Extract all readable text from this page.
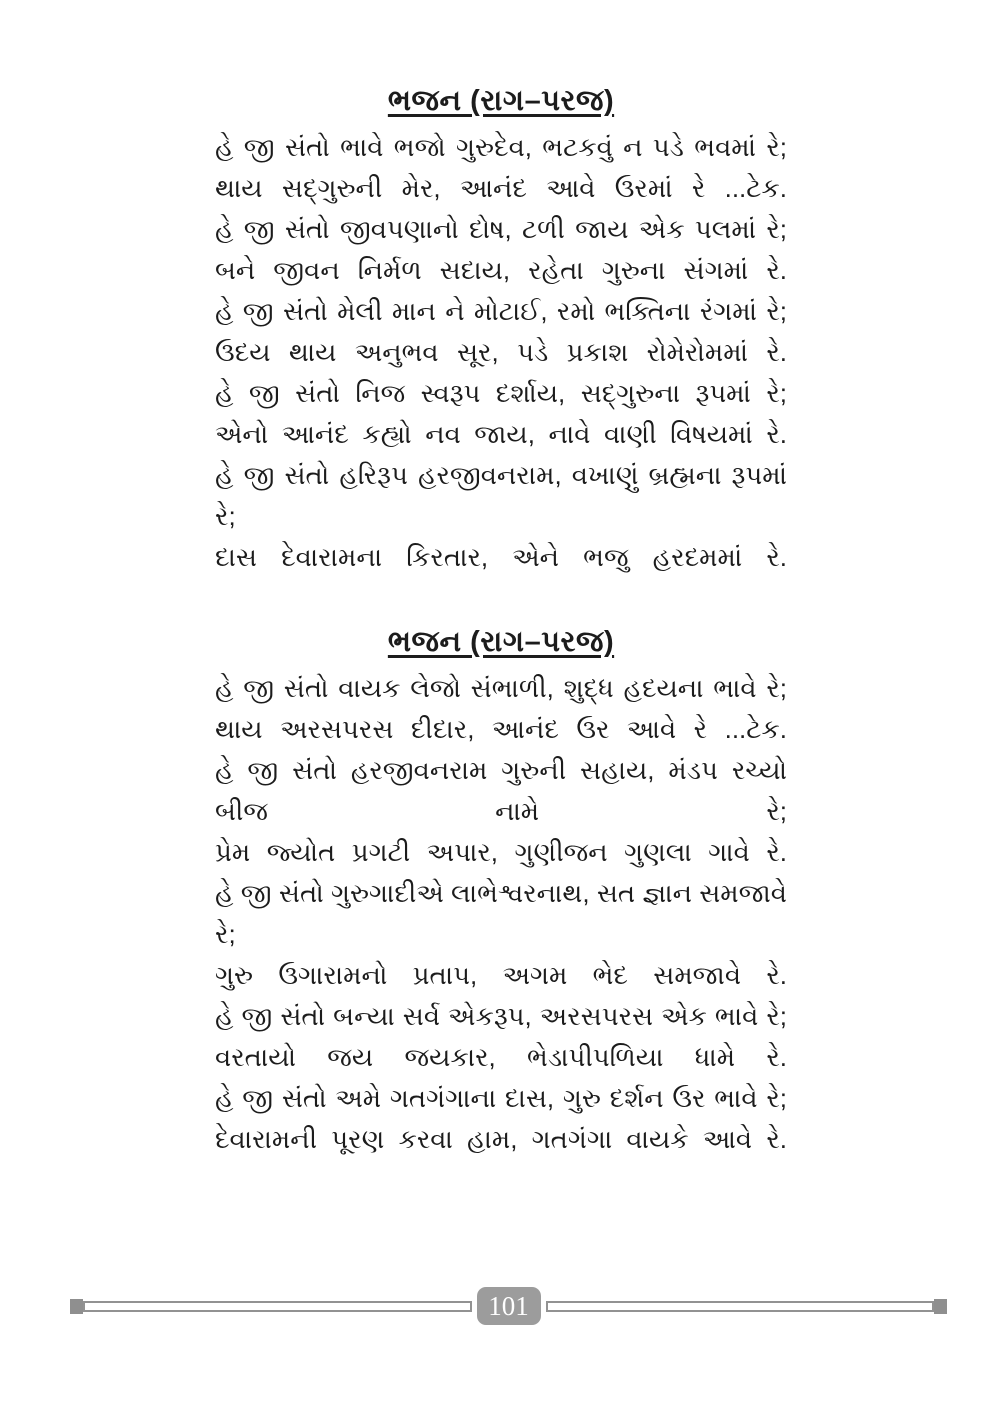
ભજન (રાગ–પરજ)
હે જી સંતો ભાવે ભજો ગુરુદેવ, ભટકવું ન પડે ભવમાં રે;
થાય સદ્‌ગુરુની મેર, આનંદ આવે ઉરમાં રે ...ટેક.
હે જી સંતો જીવપણાનો દોષ, ટળી જાય એક પલમાં રે;
બને જીવન નિર્મળ સદાય, રહેતા ગુરુના સંગમાં રે.
હે જી સંતો મેલી માન ને મોટાઈ, રમો ભક્તિના રંગમાં રે;
ઉદય થાય અનુભવ સૂર, પડે પ્રકાશ રોમેરોમમાં રે.
હે જી સંતો નિજ સ્વરૂપ દર્શાય, સદ્‌ગુરુના રૂપમાં રે;
એનો આનંદ કહ્યો નવ જાય, નાવે વાણી વિષયમાં રે.
હે જી સંતો હરિરૂપ હરજીવનરામ, વખાણું બ્રહ્મના રૂપમાં રે;
દાસ દેવારામના કિરતાર, એને ભજુ હરદમમાં રે.
ભજન (રાગ–પરજ)
હે જી સંતો વાયક લેજો સંભાળી, શુદ્ધ હદયના ભાવે રે;
થાય અરસપરસ દીદાર, આનંદ ઉર આવે રે ...ટેક.
હે જી સંતો હરજીવનરામ ગુરુની સહાય, મંડપ રચ્યો બીજ નામે રે;
પ્રેમ જ્યોત પ્રગટી અપાર, ગુણીજન ગુણલા ગાવે રે.
હે જી સંતો ગુરુગાદીએ લાભેશ્વરનાથ, સત જ્ઞાન સમજાવે રે;
ગુરુ ઉગારામનો પ્રતાપ, અગમ ભેદ સમજાવે રે.
હે જી સંતો બન્યા સર્વ એકરૂપ, અરસપરસ એક ભાવે રે;
વરતાયો જય જયકાર, ભેડાપીપળિયા ધામે રે.
હે જી સંતો અમે ગતગંગાના દાસ, ગુરુ દર્શન ઉર ભાવે રે;
દેવારામની પૂરણ કરવા હામ, ગતગંગા વાયકે આવે રે.
101
